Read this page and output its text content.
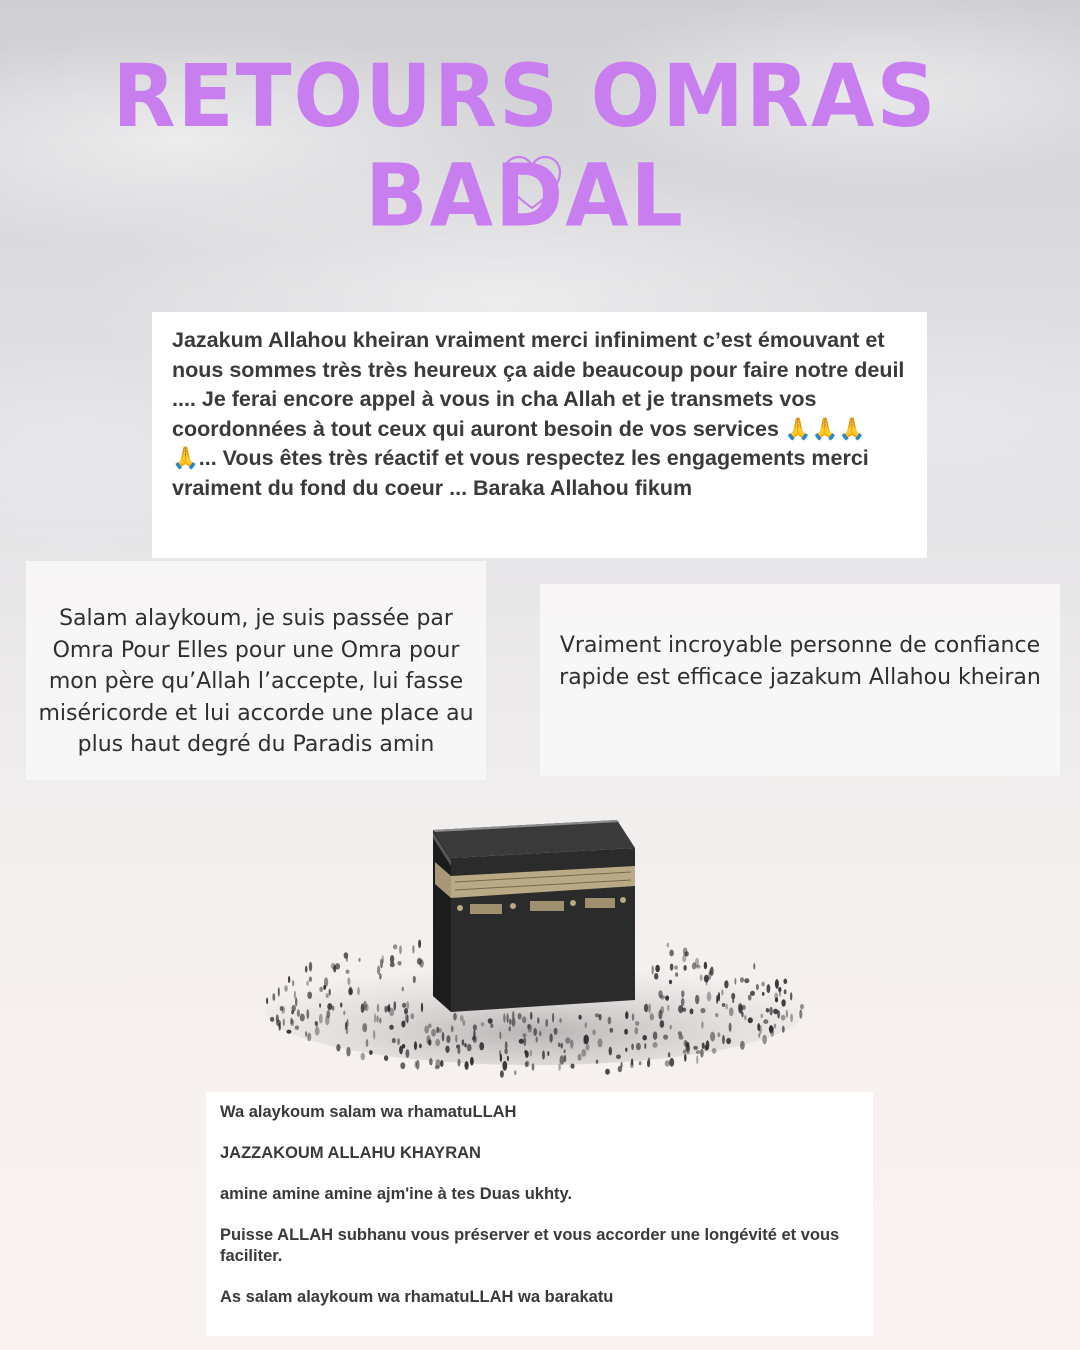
RETOURS OMRAS BADAL
Jazakum Allahou kheiran vraiment merci infiniment c’est émouvant et nous sommes très très heureux ça aide beaucoup pour faire notre deuil .... Je ferai encore appel à vous in cha Allah et je transmets vos coordonnées à tout ceux qui auront besoin de vos services 🙏🙏🙏🙏... Vous êtes très réactif et vous respectez les engagements merci vraiment du fond du coeur ... Baraka Allahou fikum
Salam alaykoum, je suis passée par Omra Pour Elles pour une Omra pour mon père qu’Allah l’accepte, lui fasse miséricorde et lui accorde une place au plus haut degré du Paradis amin
Vraiment incroyable personne de confiance rapide est efficace jazakum Allahou kheiran

Wa alaykoum salam wa rhamatuLLAH

JAZZAKOUM ALLAHU KHAYRAN

amine amine amine ajm'ine à tes Duas ukhty.

Puisse ALLAH subhanu vous préserver et vous accorder une longévité et vous faciliter.

As salam alaykoum wa rhamatuLLAH wa barakatu
